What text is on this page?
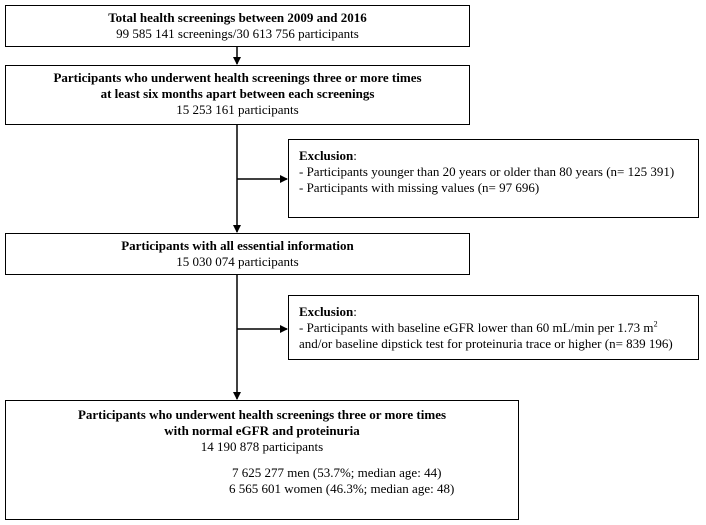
Total health screenings between 2009 and 2016
99 585 141 screenings/30 613 756 participants
Participants who underwent health screenings three or more times
at least six months apart between each screenings
15 253 161 participants
Exclusion:
- Participants younger than 20 years or older than 80 years (n= 125 391)
- Participants with missing values (n= 97 696)
Participants with all essential information
15 030 074 participants
Exclusion:
- Participants with baseline eGFR lower than 60 mL/min per 1.73 $m^2$
and/or baseline dipstick test for proteinuria trace or higher (n= 839 196)
Participants who underwent health screenings three or more times
with normal eGFR and proteinuria
14 190 878 participants
7 625 277 men (53.7%; median age: 44)
6 565 601 women (46.3%; median age: 48)
